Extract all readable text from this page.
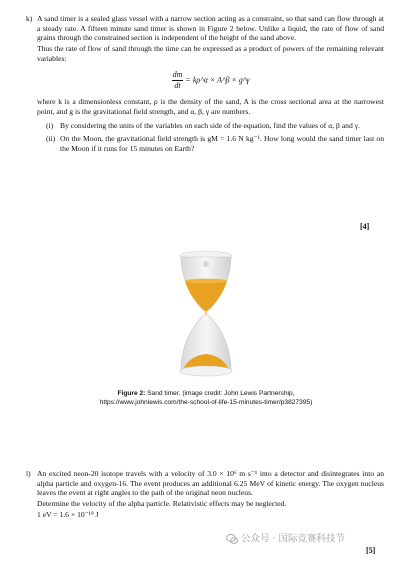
k) A sand timer is a sealed glass vessel with a narrow section acting as a constraint, so that sand can flow through at a steady rate. A fifteen minute sand timer is shown in Figure 2 below. Unlike a liquid, the rate of flow of sand grains through the constrained section is independent of the height of the sand above.

Thus the rate of flow of sand through the time can be expressed as a product of powers of the remaining relevant variables:

$\frac{dm}{dt}$ = kρ^α × A^β × g^γ

where k is a dimensionless constant, ρ is the density of the sand, A is the cross sectional area at the narrowest point, and g is the gravitational field strength, and α, β, γ are numbers.

(i) By considering the units of the variables on each side of the equation, find the values of α, β and γ.
(ii) On the Moon, the gravitational field strength is gM = 1.6 N kg⁻¹. How long would the sand timer last on the Moon if it runs for 15 minutes on Earth?
[4]
Figure 2: Sand timer. (image credit: John Lewis Partnership,
https://www.johnlewis.com/the-school-of-life-15-minutes-timer/p3827395)
l) An excited neon-20 isotope travels with a velocity of 3.0 × 10⁶ m s⁻¹ into a detector and disintegrates into an alpha particle and oxygen-16. The event produces an additional 6.25 MeV of kinetic energy. The oxygen nucleus leaves the event at right angles to the path of the original neon nucleus.

Determine the velocity of the alpha particle. Relativistic effects may be neglected.

1 eV = 1.6 × 10⁻¹⁹ J

公众号 · 国际竞赛科技节
[5]
